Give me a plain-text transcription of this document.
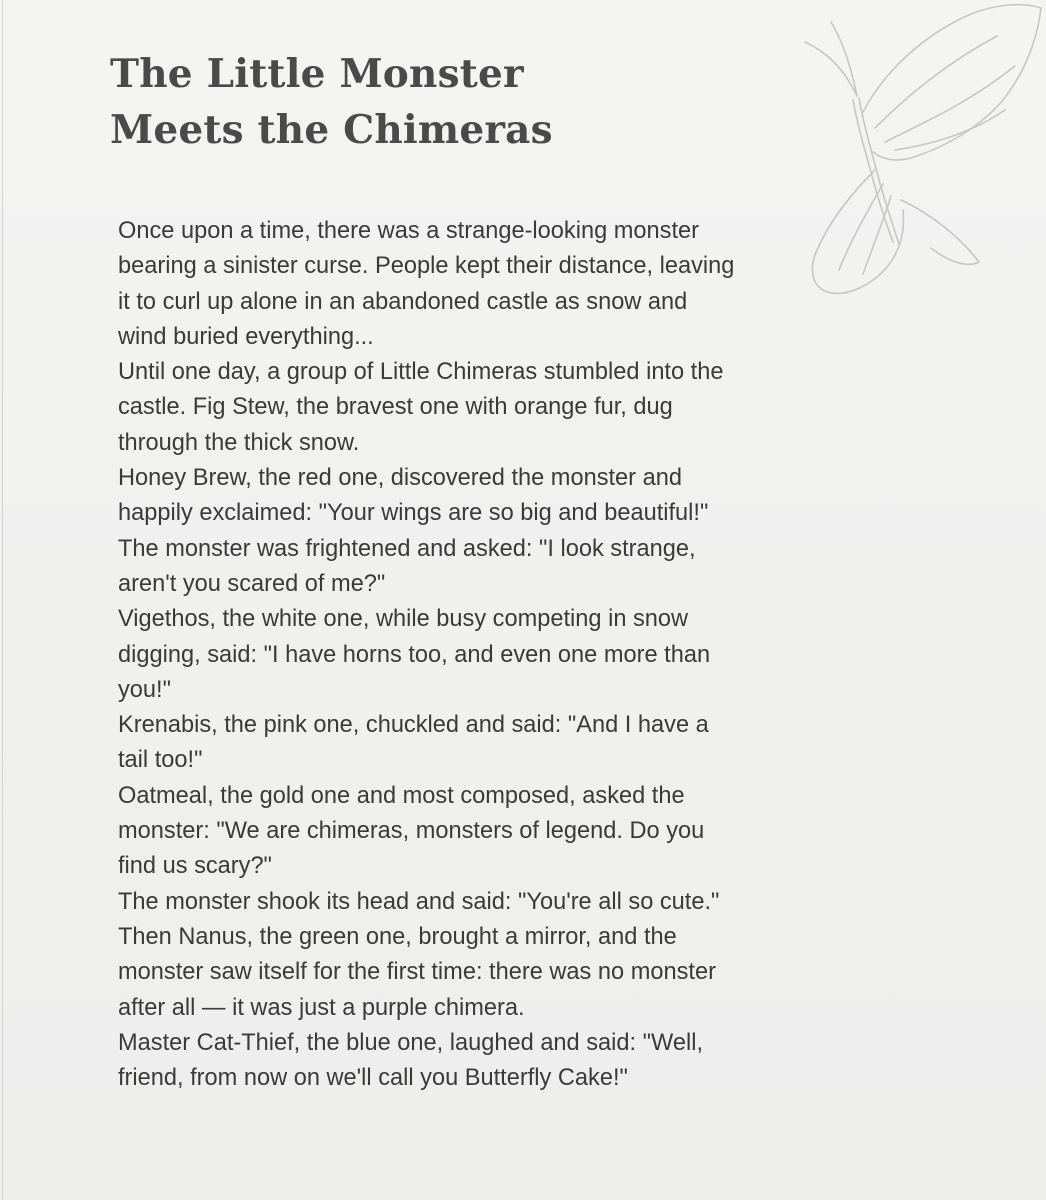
The Little Monster
Meets the Chimeras
Once upon a time, there was a strange-looking monster
bearing a sinister curse. People kept their distance, leaving
it to curl up alone in an abandoned castle as snow and
wind buried everything...
Until one day, a group of Little Chimeras stumbled into the
castle. Fig Stew, the bravest one with orange fur, dug
through the thick snow.
Honey Brew, the red one, discovered the monster and
happily exclaimed: "Your wings are so big and beautiful!"
The monster was frightened and asked: "I look strange,
aren't you scared of me?"
Vigethos, the white one, while busy competing in snow
digging, said: "I have horns too, and even one more than
you!"
Krenabis, the pink one, chuckled and said: "And I have a
tail too!"
Oatmeal, the gold one and most composed, asked the
monster: "We are chimeras, monsters of legend. Do you
find us scary?"
The monster shook its head and said: "You're all so cute."
Then Nanus, the green one, brought a mirror, and the
monster saw itself for the first time: there was no monster
after all — it was just a purple chimera.
Master Cat-Thief, the blue one, laughed and said: "Well,
friend, from now on we'll call you Butterfly Cake!"
